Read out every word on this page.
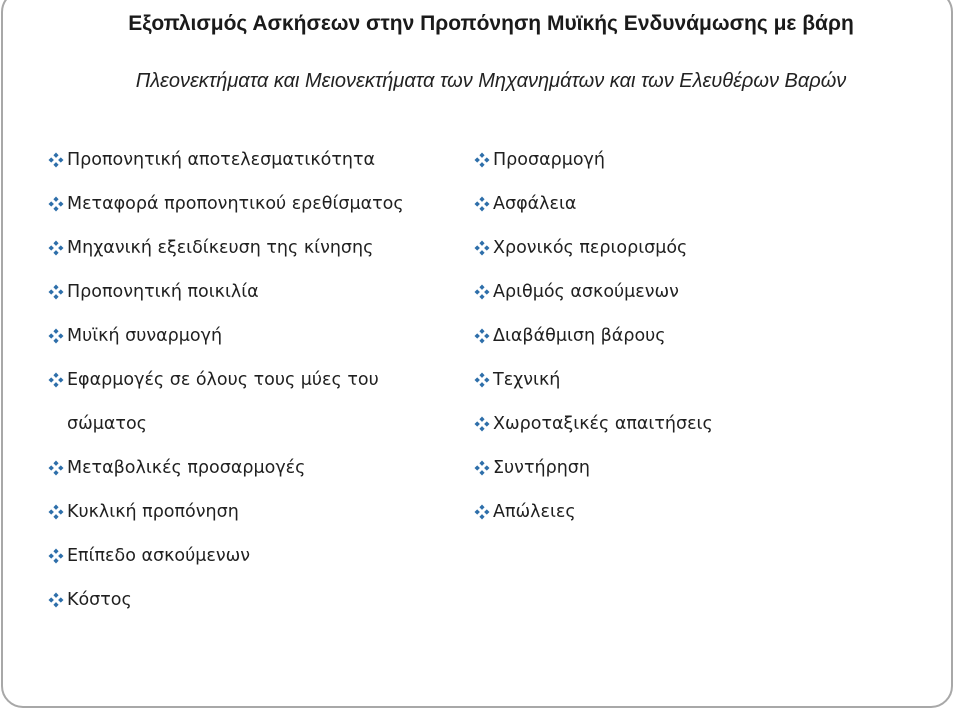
Εξοπλισμός Ασκήσεων στην Προπόνηση Μυϊκής Ενδυνάμωσης με βάρη
Πλεονεκτήματα και Μειονεκτήματα των Μηχανημάτων και των Ελευθέρων Βαρών
Προπονητική αποτελεσματικότητα
Μεταφορά προπονητικού ερεθίσματος
Μηχανική εξειδίκευση της κίνησης
Προπονητική ποικιλία
Μυϊκή συναρμογή
Εφαρμογές σε όλους τους μύες του σώματος
Μεταβολικές προσαρμογές
Κυκλική προπόνηση
Επίπεδο ασκούμενων
Κόστος
Προσαρμογή
Ασφάλεια
Χρονικός περιορισμός
Αριθμός ασκούμενων
Διαβάθμιση βάρους
Τεχνική
Χωροταξικές απαιτήσεις
Συντήρηση
Απώλειες
